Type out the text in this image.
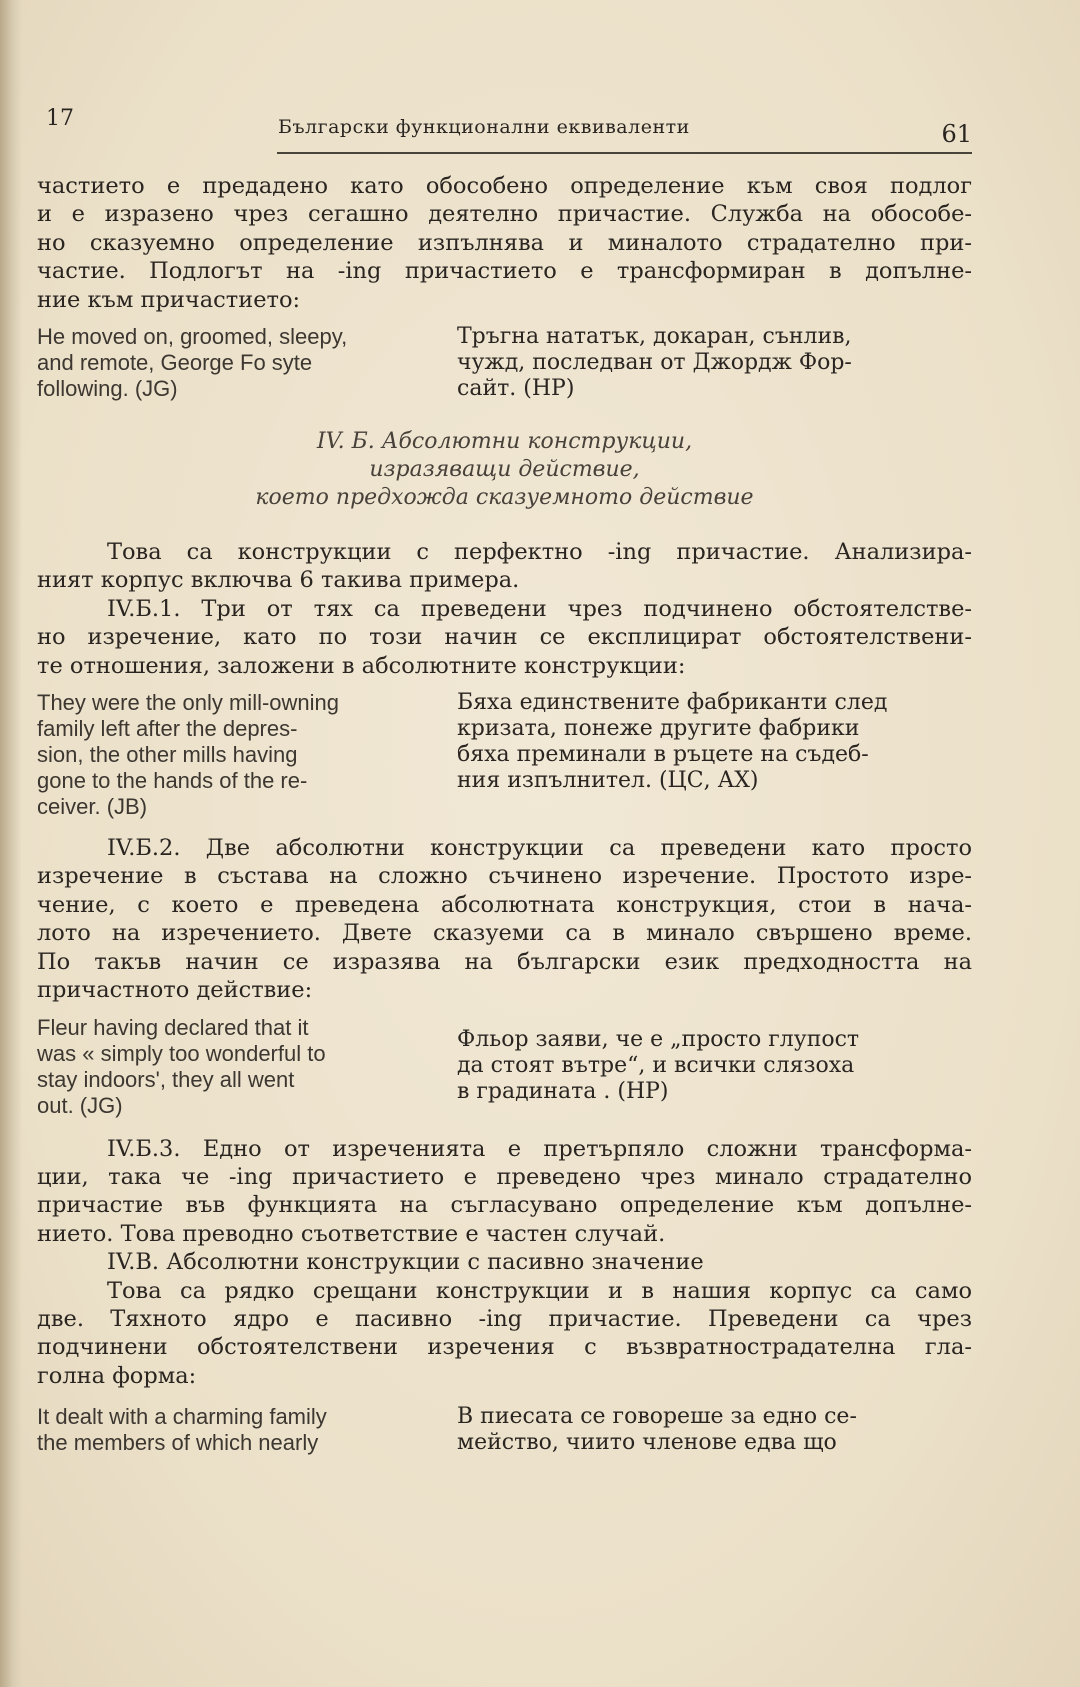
17	Български функционални еквиваленти	61

частието е предадено като обособено определение към своя подлог
и е изразено чрез сегашно деятелно причастие. Служба на обособе-
но сказуемно определение изпълнява и миналото страдателно при-
частие. Подлогът на -ing причастието е трансформиран в допълне-
ние към причастието:

He moved on, groomed, sleepy,
and remote, George Fo syte
following. (JG)
Тръгна нататък, докаран, сънлив,
чужд, последван от Джордж Фор-
сайт. (НР)
IV. Б. Абсолютни конструкции,
изразяващи действие,
което предхожда сказуемното действие

Това са конструкции с перфектно -ing причастие. Анализира-
ният корпус включва 6 такива примера.

IV.Б.1. Три от тях са преведени чрез подчинено обстоятелстве-
но изречение, като по този начин се експлицират обстоятелствени-
те отношения, заложени в абсолютните конструкции:

They were the only mill-owning
family left after the depres-
sion, the other mills having
gone to the hands of the re-
ceiver. (JB)
Бяха единствените фабриканти след
кризата, понеже другите фабрики
бяха преминали в ръцете на съдеб-
ния изпълнител. (ЦС, АХ)

IV.Б.2. Две абсолютни конструкции са преведени като просто
изречение в състава на сложно съчинено изречение. Простото изре-
чение, с което е преведена абсолютната конструкция, стои в нача-
лото на изречението. Двете сказуеми са в минало свършено време.
По такъв начин се изразява на български език предходността на
причастното действие:

Fleur having declared that it
was « simply too wonderful to
stay indoors', they all went
out. (JG)
Фльор заяви, че е „просто глупост
да стоят вътре“, и всички слязоха
в градината . (НР)

IV.Б.3. Едно от изреченията е претърпяло сложни трансформа-
ции, така че -ing причастието е преведено чрез минало страдателно
причастие във функцията на съгласувано определение към допълне-
нието. Това преводно съответствие е частен случай.

IV.В. Абсолютни конструкции с пасивно значение

Това са рядко срещани конструкции и в нашия корпус са само
две. Тяхното ядро е пасивно -ing причастие. Преведени са чрез
подчинени обстоятелствени изречения с възвратнострадателна гла-
голна форма:

It dealt with a charming family
the members of which nearly
В пиесата се говореше за едно се-
мейство, чиито членове едва що
